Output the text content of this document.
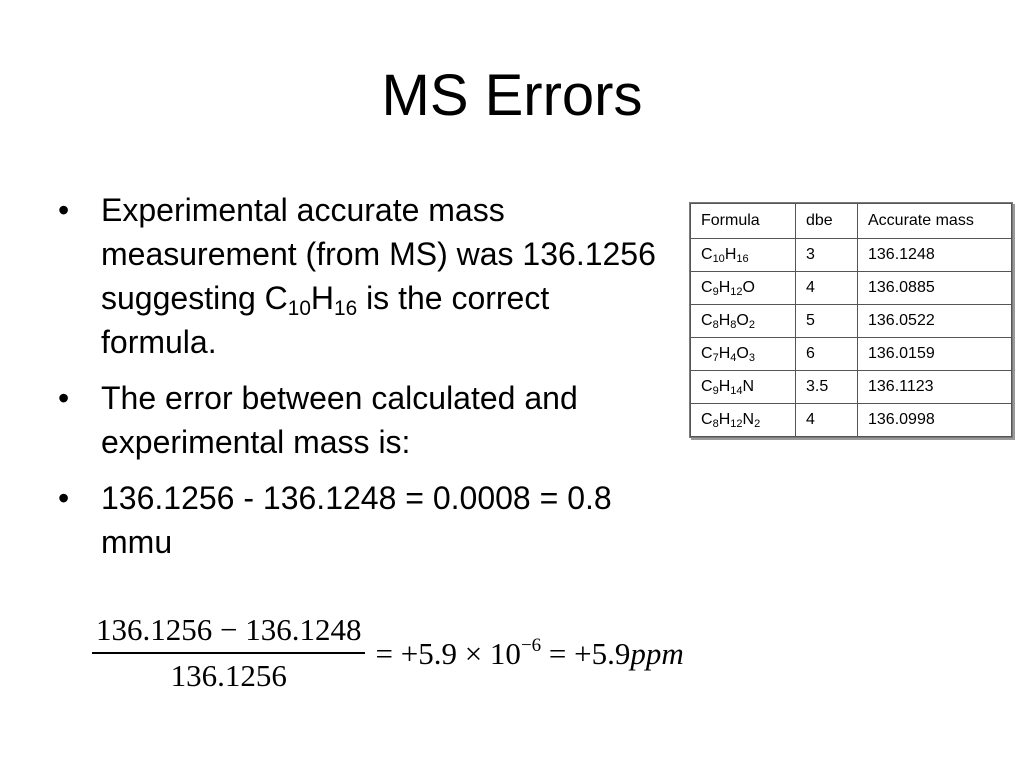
MS Errors
• Experimental accurate mass measurement (from MS) was 136.1256 suggesting $C_{10}H_{16}$ is the correct formula.
• The error between calculated and experimental mass is:
• 136.1256 - 136.1248 = 0.0008 = 0.8 mmu
Formula	dbe	Accurate mass
$C_{10}H_{16}$	3	136.1248
$C_9H_{12}O$	4	136.0885
$C_8H_8O_2$	5	136.0522
$C_7H_4O_3$	6	136.0159
$C_9H_{14}N$	3.5	136.1123
$C_8H_{12}N_2$	4	136.0998
$\frac{136.1256 - 136.1248}{136.1256} = +5.9 \times 10^{-6} = +5.9ppm$
